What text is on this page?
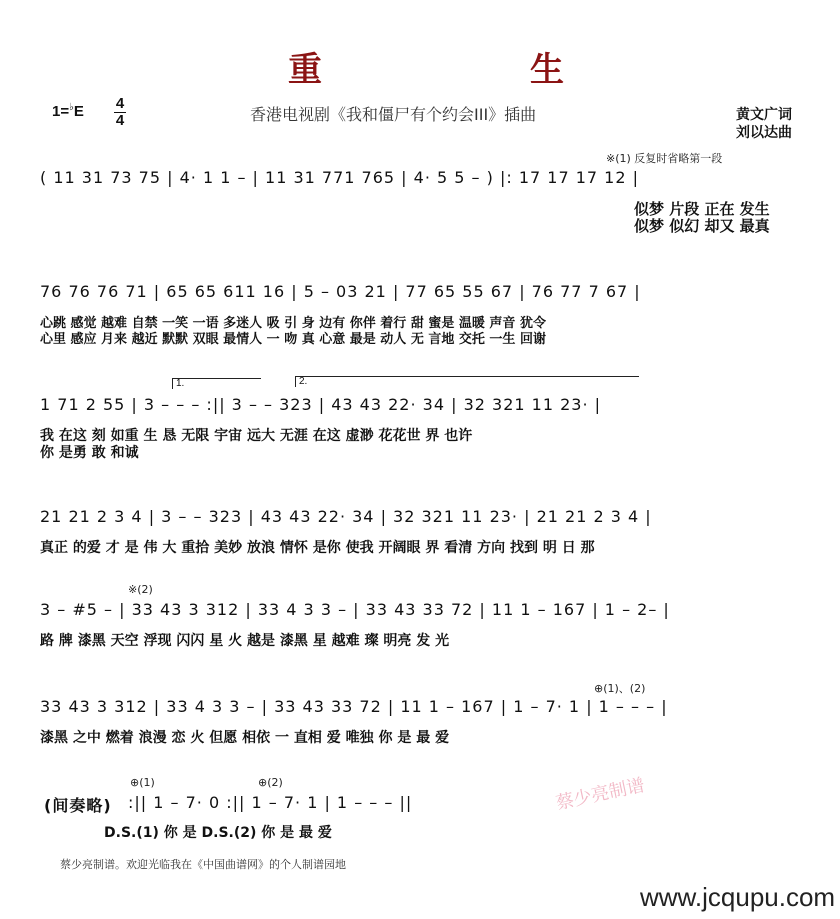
重	生
1=♭E 4
4	香港电视剧《我和僵尸有个约会III》插曲	黄文广词
刘以达曲
※(1) 反复时省略第一段
( 11 31 73 75 | 4· 1 1 – | 11 31 771 765 | 4· 5 5 – ) |: 17 17 17 12 |
似梦 片段 正在 发生
似梦 似幻 却又 最真
76 76 76 71 | 65 65 611 16 | 5 – 03 21 | 77 65 55 67 | 76 77 7 67 |
心跳 感觉 越难 自禁 一笑 一语 多迷人 吸 引 身 边有 你伴 着行 甜 蜜是 温暖 声音 犹令
心里 感应 月来 越近 默默 双眼 最情人 一 吻 真 心意 最是 动人 无 言地 交托 一生 回谢
1.	2.
1 71 2 55 | 3 – – – :|| 3 – – 323 | 43 43 22· 34 | 32 321 11 23· |
我 在这 刻 如重 生 恳 无限 宇宙 远大 无涯 在这 虚渺 花花世 界 也许
你 是勇 敢 和诚
21 21 2 3 4 | 3 – – 323 | 43 43 22· 34 | 32 321 11 23· | 21 21 2 3 4 |
真正 的爱 才 是 伟 大 重拾 美妙 放浪 情怀 是你 使我 开阔眼 界 看清 方向 找到 明 日 那
※(2)
3 – #5 – | 33 43 3 312 | 33 4 3 3 – | 33 43 33 72 | 11 1 – 167 | 1 – 2– |
路 牌 漆黑 天空 浮现 闪闪 星 火 越是 漆黑 星 越难 璨 明亮 发 光
⊕(1)、(2)
33 43 3 312 | 33 4 3 3 – | 33 43 33 72 | 11 1 – 167 | 1 – 7· 1 | 1 – – – |
漆黑 之中 燃着 浪漫 恋 火 但愿 相依 一 直相 爱 唯独 你 是 最 爱
⊕(1)	⊕(2)
(间奏略) :|| 1 – 7· 0 :|| 1 – 7· 1 | 1 – – – ||
D.S.(1) 你 是 D.S.(2) 你 是 最 爱
蔡少亮制谱
蔡少亮制谱。欢迎光临我在《中国曲谱网》的个人制谱园地
www.jcqupu.com
